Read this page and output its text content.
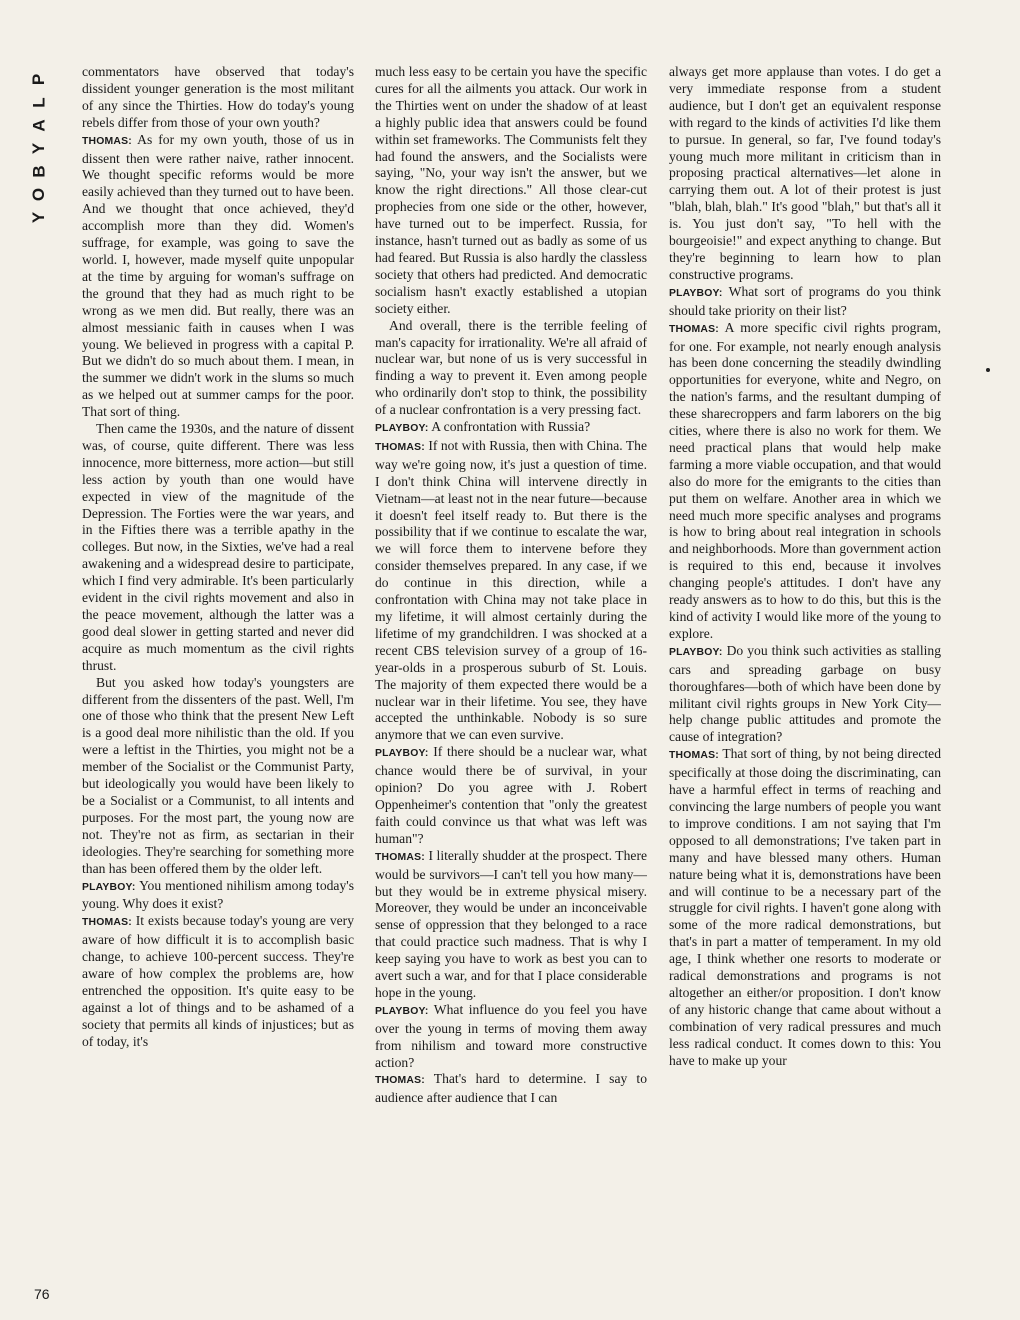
P
L
A
Y
B
O
Y

commentators have observed that today's dissident younger generation is the most militant of any since the Thirties. How do today's young rebels differ from those of your own youth?

THOMAS: As for my own youth, those of us in dissent then were rather naive, rather innocent. We thought specific reforms would be more easily achieved than they turned out to have been. And we thought that once achieved, they'd accomplish more than they did. Women's suffrage, for example, was going to save the world. I, however, made myself quite unpopular at the time by arguing for woman's suffrage on the ground that they had as much right to be wrong as we men did. But really, there was an almost messianic faith in causes when I was young. We believed in progress with a capital P. But we didn't do so much about them. I mean, in the summer we didn't work in the slums so much as we helped out at summer camps for the poor. That sort of thing.

Then came the 1930s, and the nature of dissent was, of course, quite different. There was less innocence, more bitterness, more action—but still less action by youth than one would have expected in view of the magnitude of the Depression. The Forties were the war years, and in the Fifties there was a terrible apathy in the colleges. But now, in the Sixties, we've had a real awakening and a widespread desire to participate, which I find very admirable. It's been particularly evident in the civil rights movement and also in the peace movement, although the latter was a good deal slower in getting started and never did acquire as much momentum as the civil rights thrust.

But you asked how today's youngsters are different from the dissenters of the past. Well, I'm one of those who think that the present New Left is a good deal more nihilistic than the old. If you were a leftist in the Thirties, you might not be a member of the Socialist or the Communist Party, but ideologically you would have been likely to be a Socialist or a Communist, to all intents and purposes. For the most part, the young now are not. They're not as firm, as sectarian in their ideologies. They're searching for something more than has been offered them by the older left.

PLAYBOY: You mentioned nihilism among today's young. Why does it exist?

THOMAS: It exists because today's young are very aware of how difficult it is to accomplish basic change, to achieve 100-percent success. They're aware of how complex the problems are, how entrenched the opposition. It's quite easy to be against a lot of things and to be ashamed of a society that permits all kinds of injustices; but as of today, it's

much less easy to be certain you have the specific cures for all the ailments you attack. Our work in the Thirties went on under the shadow of at least a highly public idea that answers could be found within set frameworks. The Communists felt they had found the answers, and the Socialists were saying, "No, your way isn't the answer, but we know the right directions." All those clear-cut prophecies from one side or the other, however, have turned out to be imperfect. Russia, for instance, hasn't turned out as badly as some of us had feared. But Russia is also hardly the classless society that others had predicted. And democratic socialism hasn't exactly established a utopian society either.

And overall, there is the terrible feeling of man's capacity for irrationality. We're all afraid of nuclear war, but none of us is very successful in finding a way to prevent it. Even among people who ordinarily don't stop to think, the possibility of a nuclear confrontation is a very pressing fact.

PLAYBOY: A confrontation with Russia?

THOMAS: If not with Russia, then with China. The way we're going now, it's just a question of time. I don't think China will intervene directly in Vietnam—at least not in the near future—because it doesn't feel itself ready to. But there is the possibility that if we continue to escalate the war, we will force them to intervene before they consider themselves prepared. In any case, if we do continue in this direction, while a confrontation with China may not take place in my lifetime, it will almost certainly during the lifetime of my grandchildren. I was shocked at a recent CBS television survey of a group of 16-year-olds in a prosperous suburb of St. Louis. The majority of them expected there would be a nuclear war in their lifetime. You see, they have accepted the unthinkable. Nobody is so sure anymore that we can even survive.

PLAYBOY: If there should be a nuclear war, what chance would there be of survival, in your opinion? Do you agree with J. Robert Oppenheimer's contention that "only the greatest faith could convince us that what was left was human"?

THOMAS: I literally shudder at the prospect. There would be survivors—I can't tell you how many—but they would be in extreme physical misery. Moreover, they would be under an inconceivable sense of oppression that they belonged to a race that could practice such madness. That is why I keep saying you have to work as best you can to avert such a war, and for that I place considerable hope in the young.

PLAYBOY: What influence do you feel you have over the young in terms of moving them away from nihilism and toward more constructive action?

THOMAS: That's hard to determine. I say to audience after audience that I can

always get more applause than votes. I do get a very immediate response from a student audience, but I don't get an equivalent response with regard to the kinds of activities I'd like them to pursue. In general, so far, I've found today's young much more militant in criticism than in proposing practical alternatives—let alone in carrying them out. A lot of their protest is just "blah, blah, blah." It's good "blah," but that's all it is. You just don't say, "To hell with the bourgeoisie!" and expect anything to change. But they're beginning to learn how to plan constructive programs.

PLAYBOY: What sort of programs do you think should take priority on their list?

THOMAS: A more specific civil rights program, for one. For example, not nearly enough analysis has been done concerning the steadily dwindling opportunities for everyone, white and Negro, on the nation's farms, and the resultant dumping of these sharecroppers and farm laborers on the big cities, where there is also no work for them. We need practical plans that would help make farming a more viable occupation, and that would also do more for the emigrants to the cities than put them on welfare. Another area in which we need much more specific analyses and programs is how to bring about real integration in schools and neighborhoods. More than government action is required to this end, because it involves changing people's attitudes. I don't have any ready answers as to how to do this, but this is the kind of activity I would like more of the young to explore.

PLAYBOY: Do you think such activities as stalling cars and spreading garbage on busy thoroughfares—both of which have been done by militant civil rights groups in New York City—help change public attitudes and promote the cause of integration?

THOMAS: That sort of thing, by not being directed specifically at those doing the discriminating, can have a harmful effect in terms of reaching and convincing the large numbers of people you want to improve conditions. I am not saying that I'm opposed to all demonstrations; I've taken part in many and have blessed many others. Human nature being what it is, demonstrations have been and will continue to be a necessary part of the struggle for civil rights. I haven't gone along with some of the more radical demonstrations, but that's in part a matter of temperament. In my old age, I think whether one resorts to moderate or radical demonstrations and programs is not altogether an either/or proposition. I don't know of any historic change that came about without a combination of very radical pressures and much less radical conduct. It comes down to this: You have to make up your

76
